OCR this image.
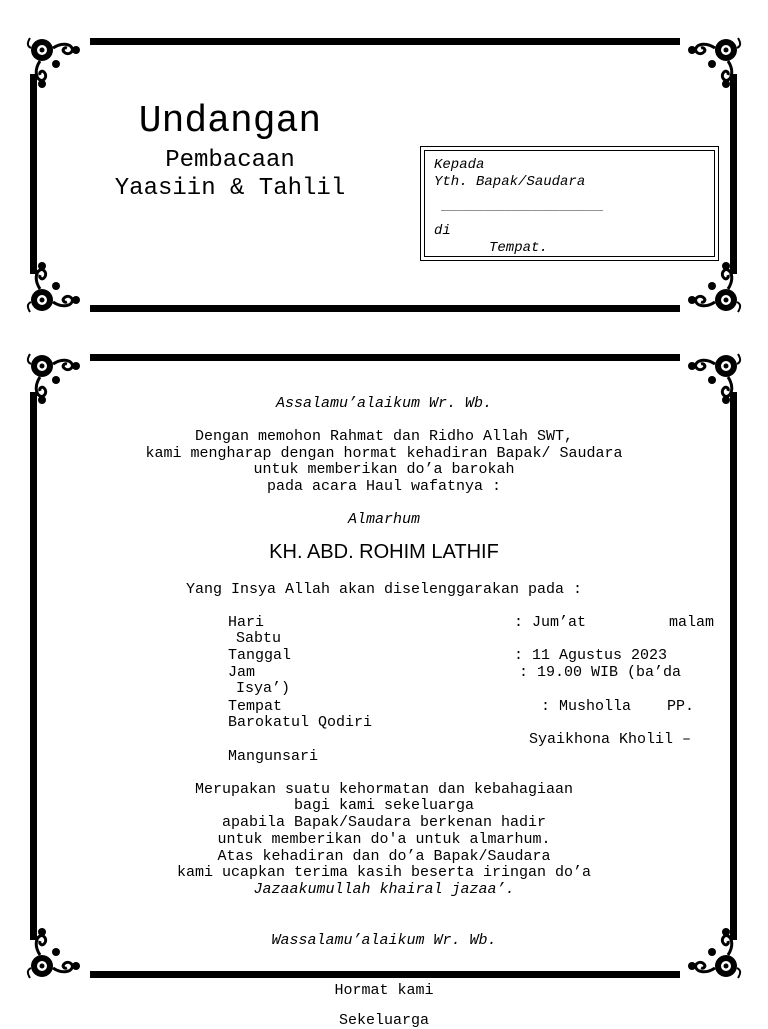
Undangan
Pembacaan
Yaasiin & Tahlil
Kepada
Yth. Bapak/Saudara
______________________________
di
Tempat.
Assalamu’alaikum Wr. Wb.
Dengan memohon Rahmat dan Ridho Allah SWT,
kami mengharap dengan hormat kehadiran Bapak/ Saudara
untuk memberikan do’a barokah
pada acara Haul wafatnya :
Almarhum
KH. ABD. ROHIM LATHIF
Yang Insya Allah akan diselenggarakan pada :
Hari	: Jum’at	malam
Sabtu
Tanggal	: 11 Agustus 2023
Jam	: 19.00 WIB (ba’da
Isya’)
Tempat	: Musholla    PP.
Barokatul Qodiri
Syaikhona Kholil –
Mangunsari
Merupakan suatu kehormatan dan kebahagiaan
bagi kami sekeluarga
apabila Bapak/Saudara berkenan hadir
untuk memberikan do'a untuk almarhum.
Atas kehadiran dan do’a Bapak/Saudara
kami ucapkan terima kasih beserta iringan do’a
Jazaakumullah khairal jazaa’.
Wassalamu’alaikum Wr. Wb.
Hormat kami
Sekeluarga
